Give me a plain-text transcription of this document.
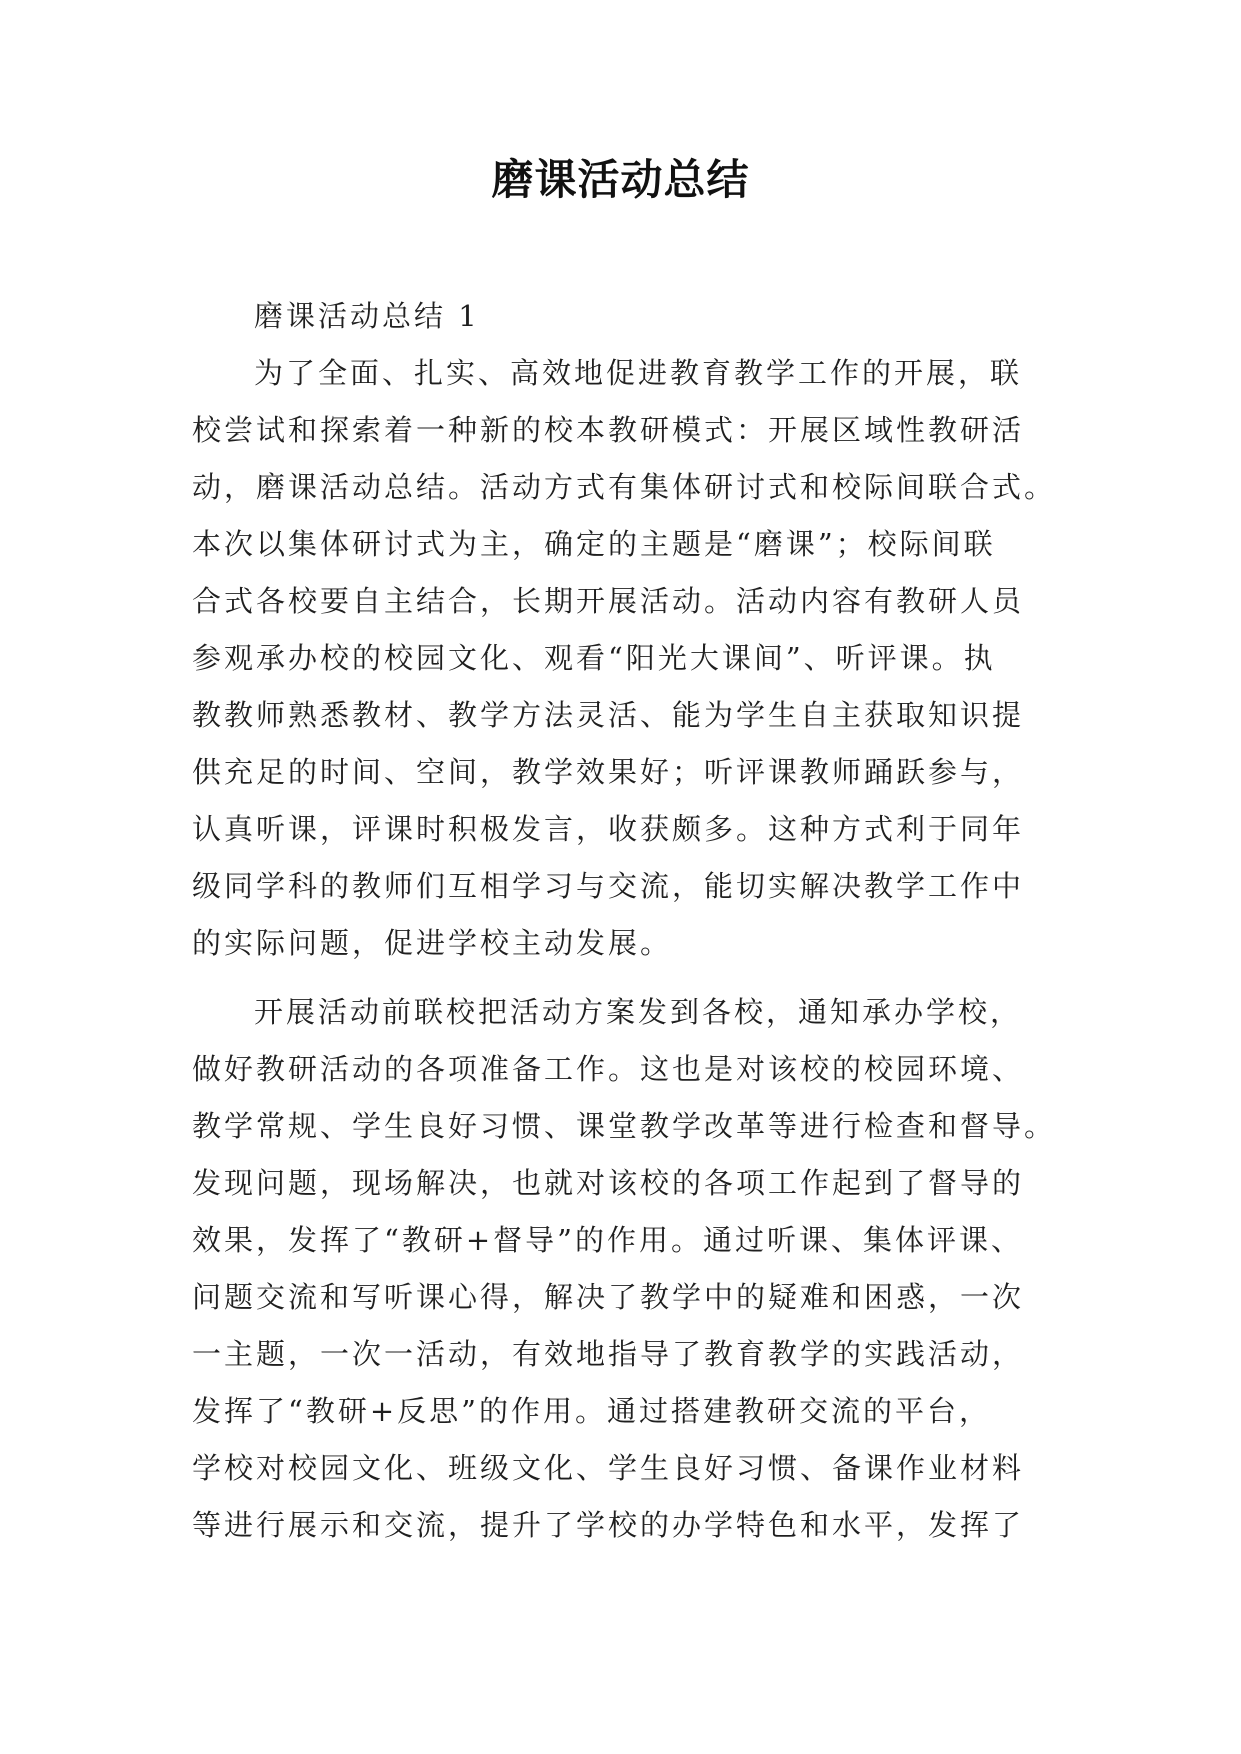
磨课活动总结
磨课活动总结 1
为了全面、扎实、高效地促进教育教学工作的开展，联
校尝试和探索着一种新的校本教研模式：开展区域性教研活
动，磨课活动总结。活动方式有集体研讨式和校际间联合式。
本次以集体研讨式为主，确定的主题是“磨课”；校际间联
合式各校要自主结合，长期开展活动。活动内容有教研人员
参观承办校的校园文化、观看“阳光大课间”、听评课。执
教教师熟悉教材、教学方法灵活、能为学生自主获取知识提
供充足的时间、空间，教学效果好；听评课教师踊跃参与，
认真听课，评课时积极发言，收获颇多。这种方式利于同年
级同学科的教师们互相学习与交流，能切实解决教学工作中
的实际问题，促进学校主动发展。
开展活动前联校把活动方案发到各校，通知承办学校，
做好教研活动的各项准备工作。这也是对该校的校园环境、
教学常规、学生良好习惯、课堂教学改革等进行检查和督导。
发现问题，现场解决，也就对该校的各项工作起到了督导的
效果，发挥了“教研+督导”的作用。通过听课、集体评课、
问题交流和写听课心得，解决了教学中的疑难和困惑，一次
一主题，一次一活动，有效地指导了教育教学的实践活动，
发挥了“教研+反思”的作用。通过搭建教研交流的平台，
学校对校园文化、班级文化、学生良好习惯、备课作业材料
等进行展示和交流，提升了学校的办学特色和水平，发挥了
